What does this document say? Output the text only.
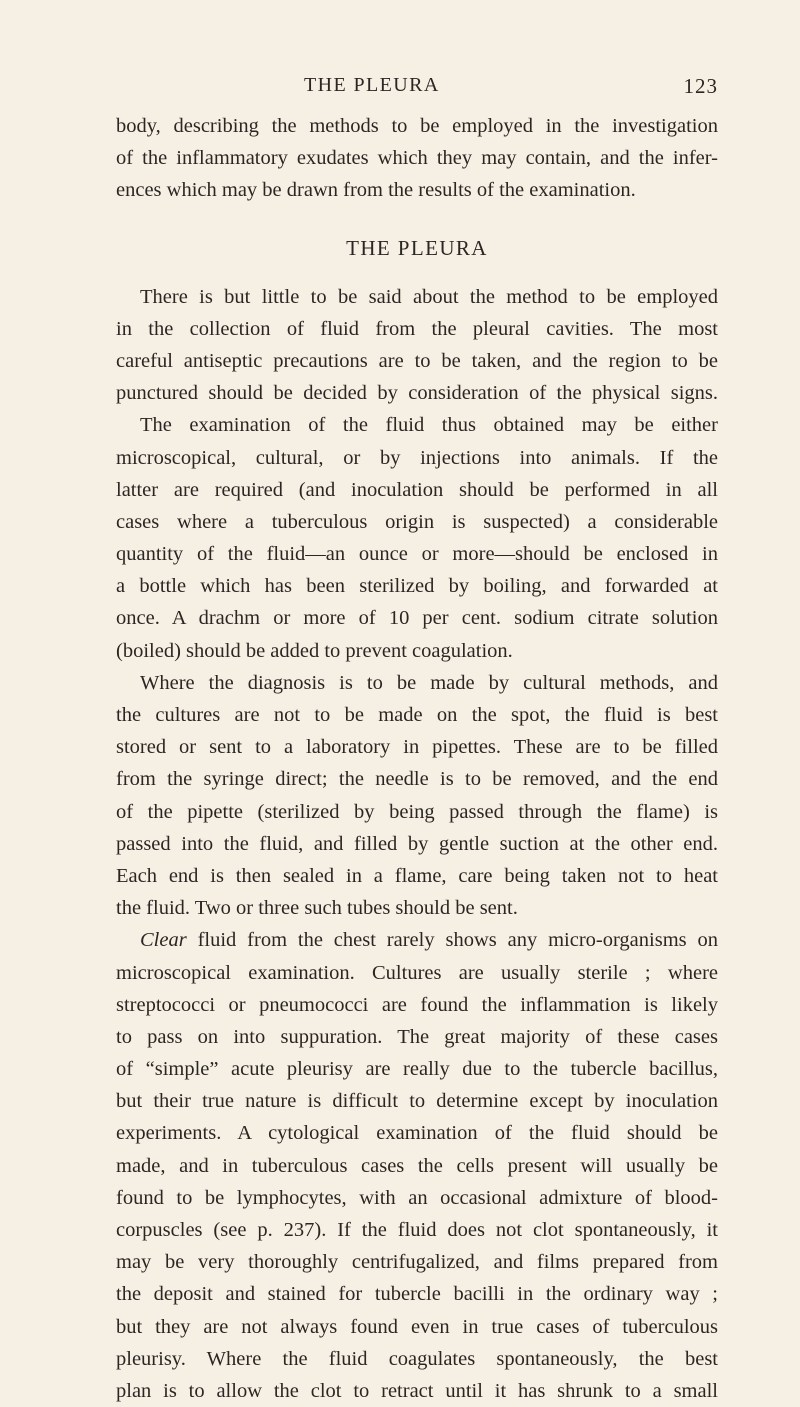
THE PLEURA	123
body, describing the methods to be employed in the investigation
of the inflammatory exudates which they may contain, and the infer-
ences which may be drawn from the results of the examination.
THE PLEURA
There is but little to be said about the method to be employed
in the collection of fluid from the pleural cavities. The most
careful antiseptic precautions are to be taken, and the region to be
punctured should be decided by consideration of the physical signs.
The examination of the fluid thus obtained may be either
microscopical, cultural, or by injections into animals. If the
latter are required (and inoculation should be performed in all
cases where a tuberculous origin is suspected) a considerable
quantity of the fluid—an ounce or more—should be enclosed in
a bottle which has been sterilized by boiling, and forwarded at
once. A drachm or more of 10 per cent. sodium citrate solution
(boiled) should be added to prevent coagulation.
Where the diagnosis is to be made by cultural methods, and
the cultures are not to be made on the spot, the fluid is best
stored or sent to a laboratory in pipettes. These are to be filled
from the syringe direct; the needle is to be removed, and the end
of the pipette (sterilized by being passed through the flame) is
passed into the fluid, and filled by gentle suction at the other end.
Each end is then sealed in a flame, care being taken not to heat
the fluid. Two or three such tubes should be sent.
Clear fluid from the chest rarely shows any micro-organisms on
microscopical examination. Cultures are usually sterile ; where
streptococci or pneumococci are found the inflammation is likely
to pass on into suppuration. The great majority of these cases
of “simple” acute pleurisy are really due to the tubercle bacillus,
but their true nature is difficult to determine except by inoculation
experiments. A cytological examination of the fluid should be
made, and in tuberculous cases the cells present will usually be
found to be lymphocytes, with an occasional admixture of blood-
corpuscles (see p. 237). If the fluid does not clot spontaneously, it
may be very thoroughly centrifugalized, and films prepared from
the deposit and stained for tubercle bacilli in the ordinary way ;
but they are not always found even in true cases of tuberculous
pleurisy. Where the fluid coagulates spontaneously, the best
plan is to allow the clot to retract until it has shrunk to a small
